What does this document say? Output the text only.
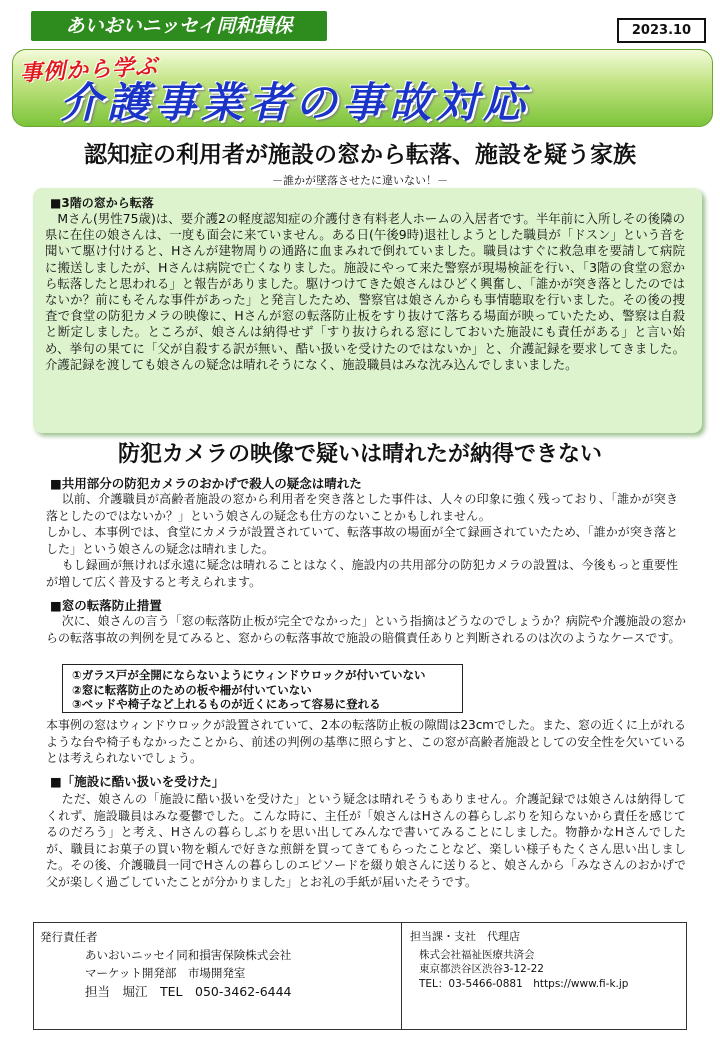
あいおいニッセイ同和損保	2023.10
事例から学ぶ
介護事業者の事故対応
認知症の利用者が施設の窓から転落、施設を疑う家族
－誰かが墜落させたに違いない！－
■3階の窓から転落
Mさん(男性75歳)は、要介護2の軽度認知症の介護付き有料老人ホームの入居者です。半年前に入所しその後隣の県に在住の娘さんは、一度も面会に来ていません。ある日(午後9時)退社しようとした職員が「ドスン」という音を聞いて駆け付けると、Hさんが建物周りの通路に血まみれで倒れていました。職員はすぐに救急車を要請して病院に搬送しましたが、Hさんは病院で亡くなりました。施設にやって来た警察が現場検証を行い、「3階の食堂の窓から転落したと思われる」と報告がありました。駆けつけてきた娘さんはひどく興奮し、「誰かが突き落としたのではないか？前にもそんな事件があった」と発言したため、警察官は娘さんからも事情聴取を行いました。その後の捜査で食堂の防犯カメラの映像に、Hさんが窓の転落防止板をすり抜けて落ちる場面が映っていたため、警察は自殺と断定しました。ところが、娘さんは納得せず「すり抜けられる窓にしておいた施設にも責任がある」と言い始め、挙句の果てに「父が自殺する訳が無い、酷い扱いを受けたのではないか」と、介護記録を要求してきました。介護記録を渡しても娘さんの疑念は晴れそうになく、施設職員はみな沈み込んでしまいました。
防犯カメラの映像で疑いは晴れたが納得できない
■共用部分の防犯カメラのおかげで殺人の疑念は晴れた
以前、介護職員が高齢者施設の窓から利用者を突き落とした事件は、人々の印象に強く残っており、「誰かが突き落としたのではないか？」という娘さんの疑念も仕方のないことかもしれません。
しかし、本事例では、食堂にカメラが設置されていて、転落事故の場面が全て録画されていたため、「誰かが突き落とした」という娘さんの疑念は晴れました。
もし録画が無ければ永遠に疑念は晴れることはなく、施設内の共用部分の防犯カメラの設置は、今後もっと重要性が増して広く普及すると考えられます。
■窓の転落防止措置
次に、娘さんの言う「窓の転落防止板が完全でなかった」という指摘はどうなのでしょうか？病院や介護施設の窓からの転落事故の判例を見てみると、窓からの転落事故で施設の賠償責任ありと判断されるのは次のようなケースです。
①ガラス戸が全開にならないようにウィンドウロックが付いていない
②窓に転落防止のための板や柵が付いていない
③ベッドや椅子など上れるものが近くにあって容易に登れる
本事例の窓はウィンドウロックが設置されていて、2本の転落防止板の隙間は23cmでした。また、窓の近くに上がれるような台や椅子もなかったことから、前述の判例の基準に照らすと、この窓が高齢者施設としての安全性を欠いているとは考えられないでしょう。
■「施設に酷い扱いを受けた」
ただ、娘さんの「施設に酷い扱いを受けた」という疑念は晴れそうもありません。介護記録では娘さんは納得してくれず、施設職員はみな憂鬱でした。こんな時に、主任が「娘さんはHさんの暮らしぶりを知らないから責任を感じてるのだろう」と考え、Hさんの暮らしぶりを思い出してみんなで書いてみることにしました。物静かなHさんでしたが、職員にお菓子の買い物を頼んで好きな煎餅を買ってきてもらったことなど、楽しい様子もたくさん思い出しました。その後、介護職員一同でHさんの暮らしのエピソードを綴り娘さんに送りると、娘さんから「みなさんのおかげで父が楽しく過ごしていたことが分かりました」とお礼の手紙が届いたそうです。
発行責任者
あいおいニッセイ同和損害保険株式会社
マーケット開発部　市場開発室
担当　堀江　TEL　050-3462-6444
担当課・支社　代理店
株式会社福祉医療共済会
東京都渋谷区渋谷3-12-22
TEL：03-5466-0881　https://www.fi-k.jp
